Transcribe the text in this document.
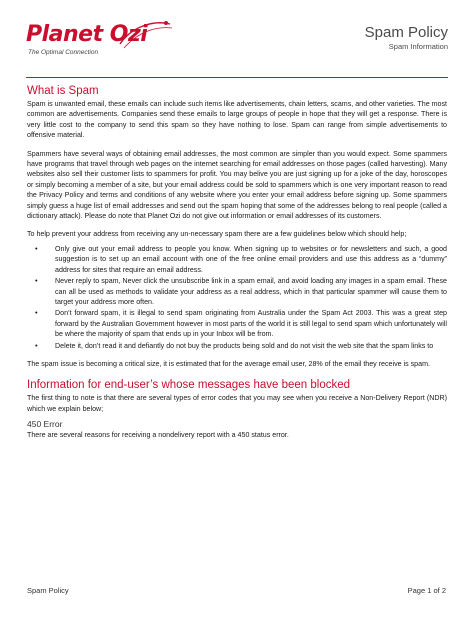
Planet Ozi
The Optimal Connection
Spam Policy
Spam Information
What is Spam

Spam is unwanted email, these emails can include such items like advertisements, chain letters, scams, and other varieties. The most common are advertisements. Companies send these emails to large groups of people in hope that they will get a response. There is very little cost to the company to send this spam so they have nothing to lose. Spam can range from simple advertisements to offensive material.

Spammers have several ways of obtaining email addresses, the most common are simpler than you would expect. Some spammers have programs that travel through web pages on the internet searching for email addresses on those pages (called harvesting). Many websites also sell their customer lists to spammers for profit. You may belive you are just signing up for a joke of the day, horoscopes or simply becoming a member of a site, but your email address could be sold to spammers which is one very important reason to read the Privacy Policy and terms and conditions of any website where you enter your email address before signing up. Some spammers simply guess a huge list of email addresses and send out the spam hoping that some of the addresses belong to real people (called a dictionary attack). Please do note that Planet Ozi do not give out information or email addresses of its customers.

To help prevent your address from receiving any un-necessary spam there are a few guidelines below which should help;

• Only give out your email address to people you know. When signing up to websites or for newsletters and such, a good suggestion is to set up an email account with one of the free online email providers and use this address as a “dummy” address for sites that require an email address.
• Never reply to spam, Never click the unsubscribe link in a spam email, and avoid loading any images in a spam email. These can all be used as methods to validate your address as a real address, which in that particular spammer will cause them to target your address more often.
• Don’t forward spam, it is illegal to send spam originating from Australia under the Spam Act 2003. This was a great step forward by the Australian Government however in most parts of the world it is still legal to send spam which unfortunately will be where the majority of spam that ends up in your Inbox will be from.
• Delete it, don’t read it and defiantly do not buy the products being sold and do not visit the web site that the spam links to

The spam issue is becoming a critical size, it is estimated that for the average email user, 28% of the email they receive is spam.

Information for end-user’s whose messages have been blocked

The first thing to note is that there are several types of error codes that you may see when you receive a Non-Delivery Report (NDR) which we explain below;

450 Error

There are several reasons for receiving a nondelivery report with a 450 status error.

Spam Policy	Page 1 of 2
